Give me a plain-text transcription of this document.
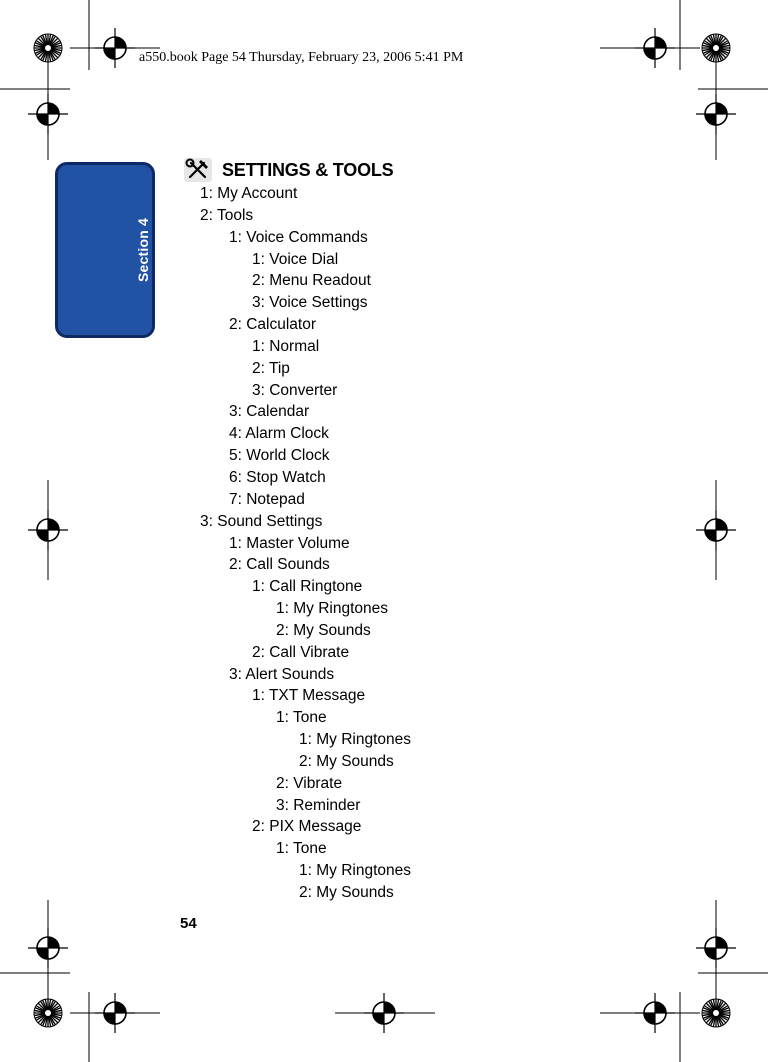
a550.book Page 54 Thursday, February 23, 2006 5:41 PM
Section 4
SETTINGS & TOOLS
1: My Account
2: Tools
1: Voice Commands
1: Voice Dial
2: Menu Readout
3: Voice Settings
2: Calculator
1: Normal
2: Tip
3: Converter
3: Calendar
4: Alarm Clock
5: World Clock
6: Stop Watch
7: Notepad
3: Sound Settings
1: Master Volume
2: Call Sounds
1: Call Ringtone
1: My Ringtones
2: My Sounds
2: Call Vibrate
3: Alert Sounds
1: TXT Message
1: Tone
1: My Ringtones
2: My Sounds
2: Vibrate
3: Reminder
2: PIX Message
1: Tone
1: My Ringtones
2: My Sounds
54
